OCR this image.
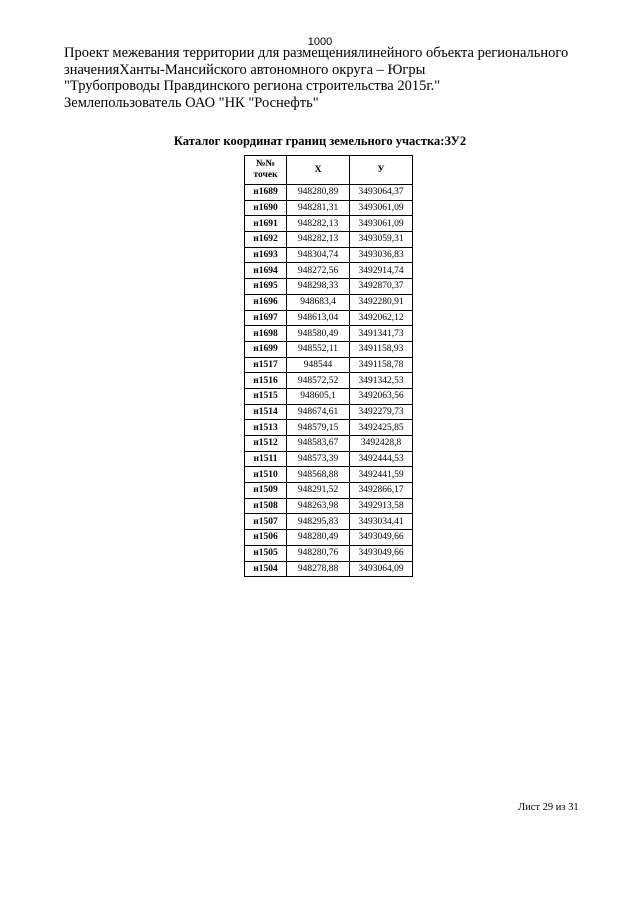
1000
Проект межевания территории для размещениялинейного объекта регионального
значенияХанты-Мансийского автономного округа – Югры
"Трубопроводы Правдинского региона строительства 2015г."
Землепользователь ОАО "НК "Роснефть"
Каталог координат границ земельного участка:ЗУ2
№№ точек	X	У
н1689	948280,89	3493064,37
н1690	948281,31	3493061,09
н1691	948282,13	3493061,09
н1692	948282,13	3493059,31
н1693	948304,74	3493036,83
н1694	948272,56	3492914,74
н1695	948298,33	3492870,37
н1696	948683,4	3492280,91
н1697	948613,04	3492062,12
н1698	948580,49	3491341,73
н1699	948552,11	3491158,93
н1517	948544	3491158,78
н1516	948572,52	3491342,53
н1515	948605,1	3492063,56
н1514	948674,61	3492279,73
н1513	948579,15	3492425,85
н1512	948583,67	3492428,8
н1511	948573,39	3492444,53
н1510	948568,88	3492441,59
н1509	948291,52	3492866,17
н1508	948263,98	3492913,58
н1507	948295,83	3493034,41
н1506	948280,49	3493049,66
н1505	948280,76	3493049,66
н1504	948278,88	3493064,09
Лист 29 из 31
